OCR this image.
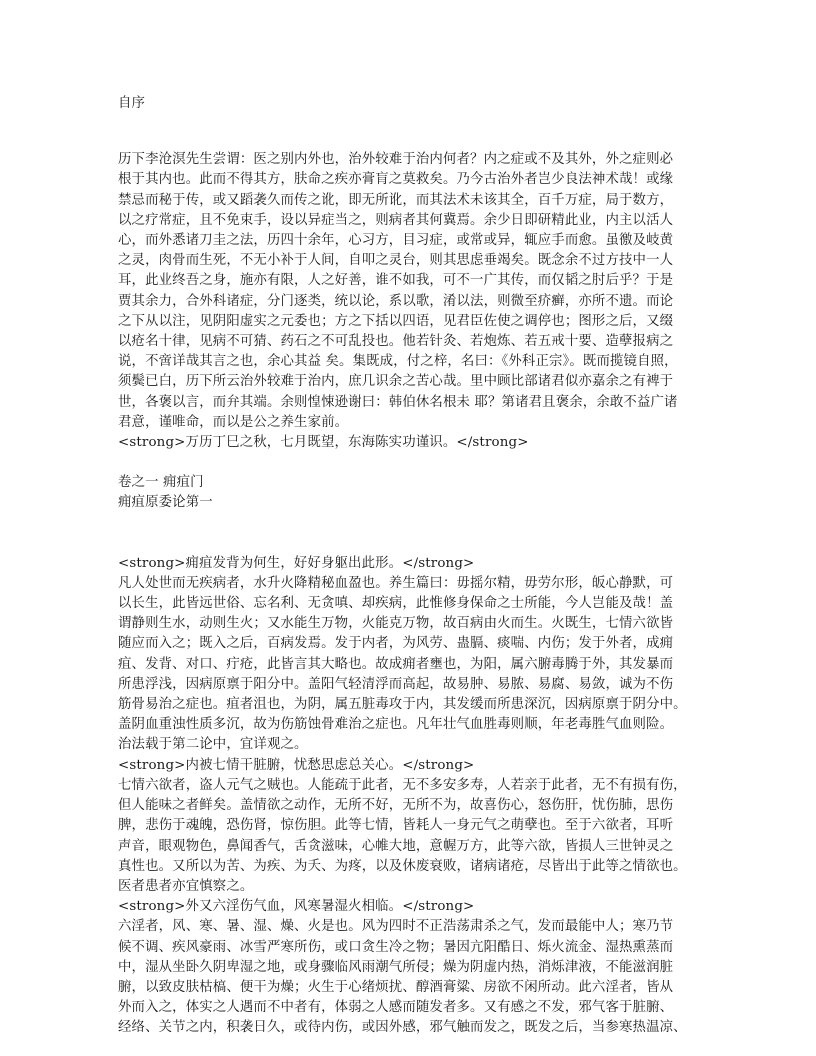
自序
历下李沧溟先生尝谓：医之别内外也，治外较难于治内何者？内之症或不及其外，外之症则必
根于其内也。此而不得其方，肤命之疾亦膏肓之莫救矣。乃今古治外者岂少良法神术哉！或缘
禁忌而秘于传，或又蹈袭久而传之讹，即无所讹，而其法术未该其全，百千万症，局于数方，
以之疗常症，且不免束手，设以异症当之，则病者其何冀焉。余少日即研精此业，内主以活人
心，而外悉诸刀圭之法，历四十余年，心习方，目习症，或常或异，辄应手而愈。虽徼及岐黄
之灵，肉骨而生死，不无小补于人间，自叩之灵台，则其思虑垂竭矣。既念余不过方技中一人
耳，此业终吾之身，施亦有限，人之好善，谁不如我，可不一广其传，而仅韬之肘后乎？于是
贾其余力，合外科诸症，分门逐类，统以论，系以歌，淆以法，则微至疥癣，亦所不遗。而论
之下从以注，见阴阳虚实之元委也；方之下括以四语，见君臣佐使之调停也；图形之后，又缀
以疮名十律，见病不可猜、药石之不可乱投也。他若针灸、若炮炼、若五戒十要、造孽报病之
说，不啻详哉其言之也，余心其益 矣。集既成，付之梓，名曰：《外科正宗》。既而揽镜自照，
须鬓已白，历下所云治外较难于治内，庶几识余之苦心哉。里中顾比部诸君似亦嘉余之有裨于
世，各褒以言，而弁其端。余则惶悚逊谢曰：韩伯休名根未 耶？第诸君且褒余，余敢不益广诸
君意，谨唯命，而以是公之养生家前。
<strong>万历丁巳之秋，七月既望，东海陈实功谨识。</strong>
卷之一 痈疽门
痈疽原委论第一
<strong>痈疽发背为何生，好好身躯出此形。</strong>
凡人处世而无疾病者，水升火降精秘血盈也。养生篇曰：毋摇尔精，毋劳尔形，皈心静默，可
以长生，此皆远世俗、忘名利、无贪嗔、却疾病，此惟修身保命之士所能，今人岂能及哉！盖
谓静则生水，动则生火；又水能生万物，火能克万物，故百病由火而生。火既生，七情六欲皆
随应而入之；既入之后，百病发焉。发于内者，为风劳、蛊膈、痰喘、内伤；发于外者，成痈
疽、发背、对口、疔疮，此皆言其大略也。故成痈者壅也，为阳，属六腑毒腾于外，其发暴而
所患浮浅，因病原禀于阳分中。盖阳气轻清浮而高起，故易肿、易脓、易腐、易敛，诚为不伤
筋骨易治之症也。疽者沮也，为阴，属五脏毒攻于内，其发缓而所患深沉，因病原禀于阴分中。
盖阴血重浊性质多沉，故为伤筋蚀骨难治之症也。凡年壮气血胜毒则顺，年老毒胜气血则险。
治法载于第二论中，宜详观之。
<strong>内被七情干脏腑，忧愁思虑总关心。</strong>
七情六欲者，盗人元气之贼也。人能疏于此者，无不多安多寿，人若亲于此者，无不有损有伤，
但人能味之者鲜矣。盖情欲之动作，无所不好，无所不为，故喜伤心，怒伤肝，忧伤肺，思伤
脾，悲伤于魂魄，恐伤肾，惊伤胆。此等七情，皆耗人一身元气之萌孽也。至于六欲者，耳听
声音，眼观物色，鼻闻香气，舌贪滋味，心帷大地，意幄万方，此等六欲，皆损人三世钟灵之
真性也。又所以为苦、为疾、为夭、为疼，以及休废衰败，诸病诸疮，尽皆出于此等之情欲也。
医者患者亦宜慎察之。
<strong>外又六淫伤气血，风寒暑湿火相临。</strong>
六淫者，风、寒、暑、湿、燥、火是也。风为四时不正浩荡肃杀之气，发而最能中人；寒乃节
候不调、疾风豪雨、冰雪严寒所伤，或口贪生冷之物；暑因亢阳酷日、烁火流金、湿热熏蒸而
中，湿从坐卧久阴卑湿之地，或身骤临风雨潮气所侵；燥为阴虚内热，消烁津液，不能滋润脏
腑，以致皮肤枯槁、便干为燥；火生于心绪烦扰、醇酒膏粱、房欲不闲所动。此六淫者，皆从
外而入之，体实之人遇而不中者有，体弱之人感而随发者多。又有感之不发，邪气客于脏腑、
经络、关节之内，积袭日久，或待内伤，或因外感，邪气触而发之，既发之后，当参寒热温凉、
